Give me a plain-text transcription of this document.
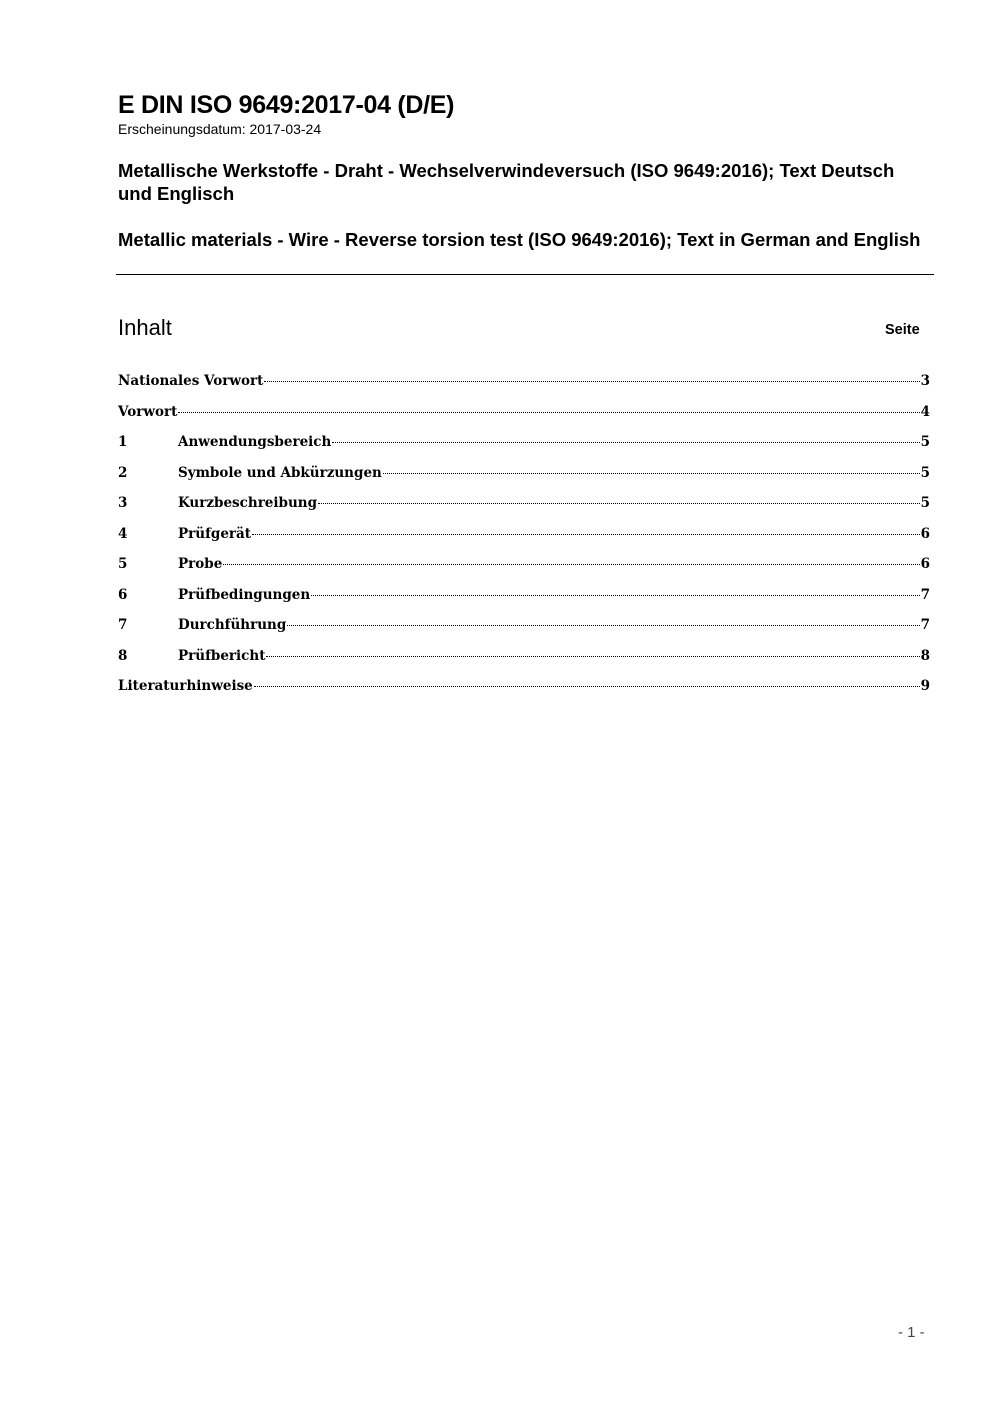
E DIN ISO 9649:2017-04 (D/E)
Erscheinungsdatum: 2017-03-24
Metallische Werkstoffe - Draht - Wechselverwindeversuch (ISO 9649:2016); Text Deutsch und Englisch
Metallic materials - Wire - Reverse torsion test (ISO 9649:2016); Text in German and English
Inhalt	Seite
Nationales Vorwort	3
Vorwort	4
1	Anwendungsbereich	5
2	Symbole und Abkürzungen	5
3	Kurzbeschreibung	5
4	Prüfgerät	6
5	Probe	6
6	Prüfbedingungen	7
7	Durchführung	7
8	Prüfbericht	8
Literaturhinweise	9
- 1 -
